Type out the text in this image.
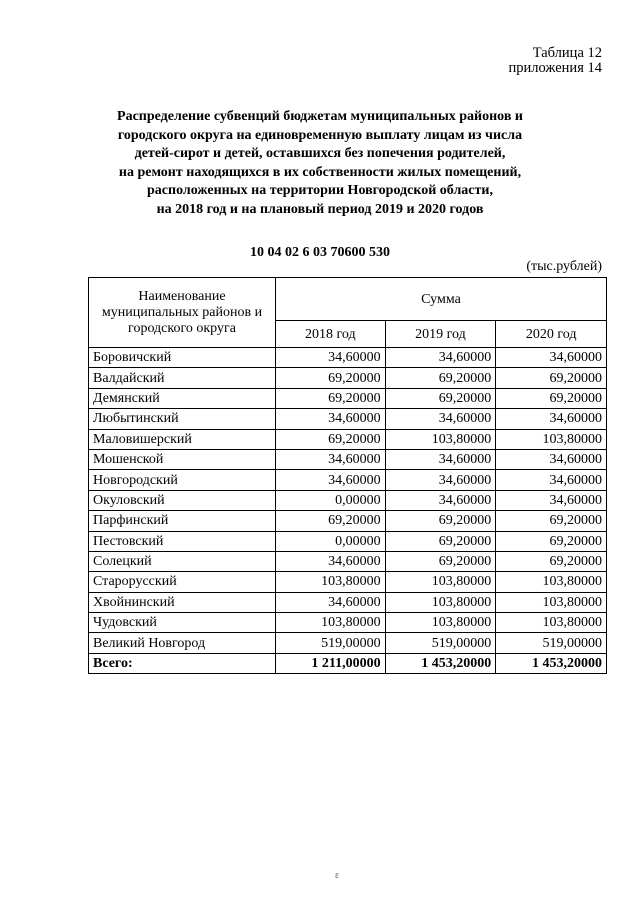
Таблица 12
приложения 14
Распределение субвенций бюджетам муниципальных районов и
городского округа на единовременную выплату лицам из числа
детей-сирот и детей, оставшихся без попечения родителей,
на ремонт находящихся в их собственности жилых помещений,
расположенных на территории Новгородской области,
на 2018 год и на плановый период 2019 и 2020 годов
10 04 02 6 03 70600 530
(тыс.рублей)
Наименование муниципальных районов и городского округа	Сумма		
	2018 год	2019 год	2020 год
Боровичский	34,60000	34,60000	34,60000
Валдайский	69,20000	69,20000	69,20000
Демянский	69,20000	69,20000	69,20000
Любытинский	34,60000	34,60000	34,60000
Маловишерский	69,20000	103,80000	103,80000
Мошенской	34,60000	34,60000	34,60000
Новгородский	34,60000	34,60000	34,60000
Окуловский	0,00000	34,60000	34,60000
Парфинский	69,20000	69,20000	69,20000
Пестовский	0,00000	69,20000	69,20000
Солецкий	34,60000	69,20000	69,20000
Старорусский	103,80000	103,80000	103,80000
Хвойнинский	34,60000	103,80000	103,80000
Чудовский	103,80000	103,80000	103,80000
Великий Новгород	519,00000	519,00000	519,00000
Всего:	1 211,00000	1 453,20000	1 453,20000
ε
